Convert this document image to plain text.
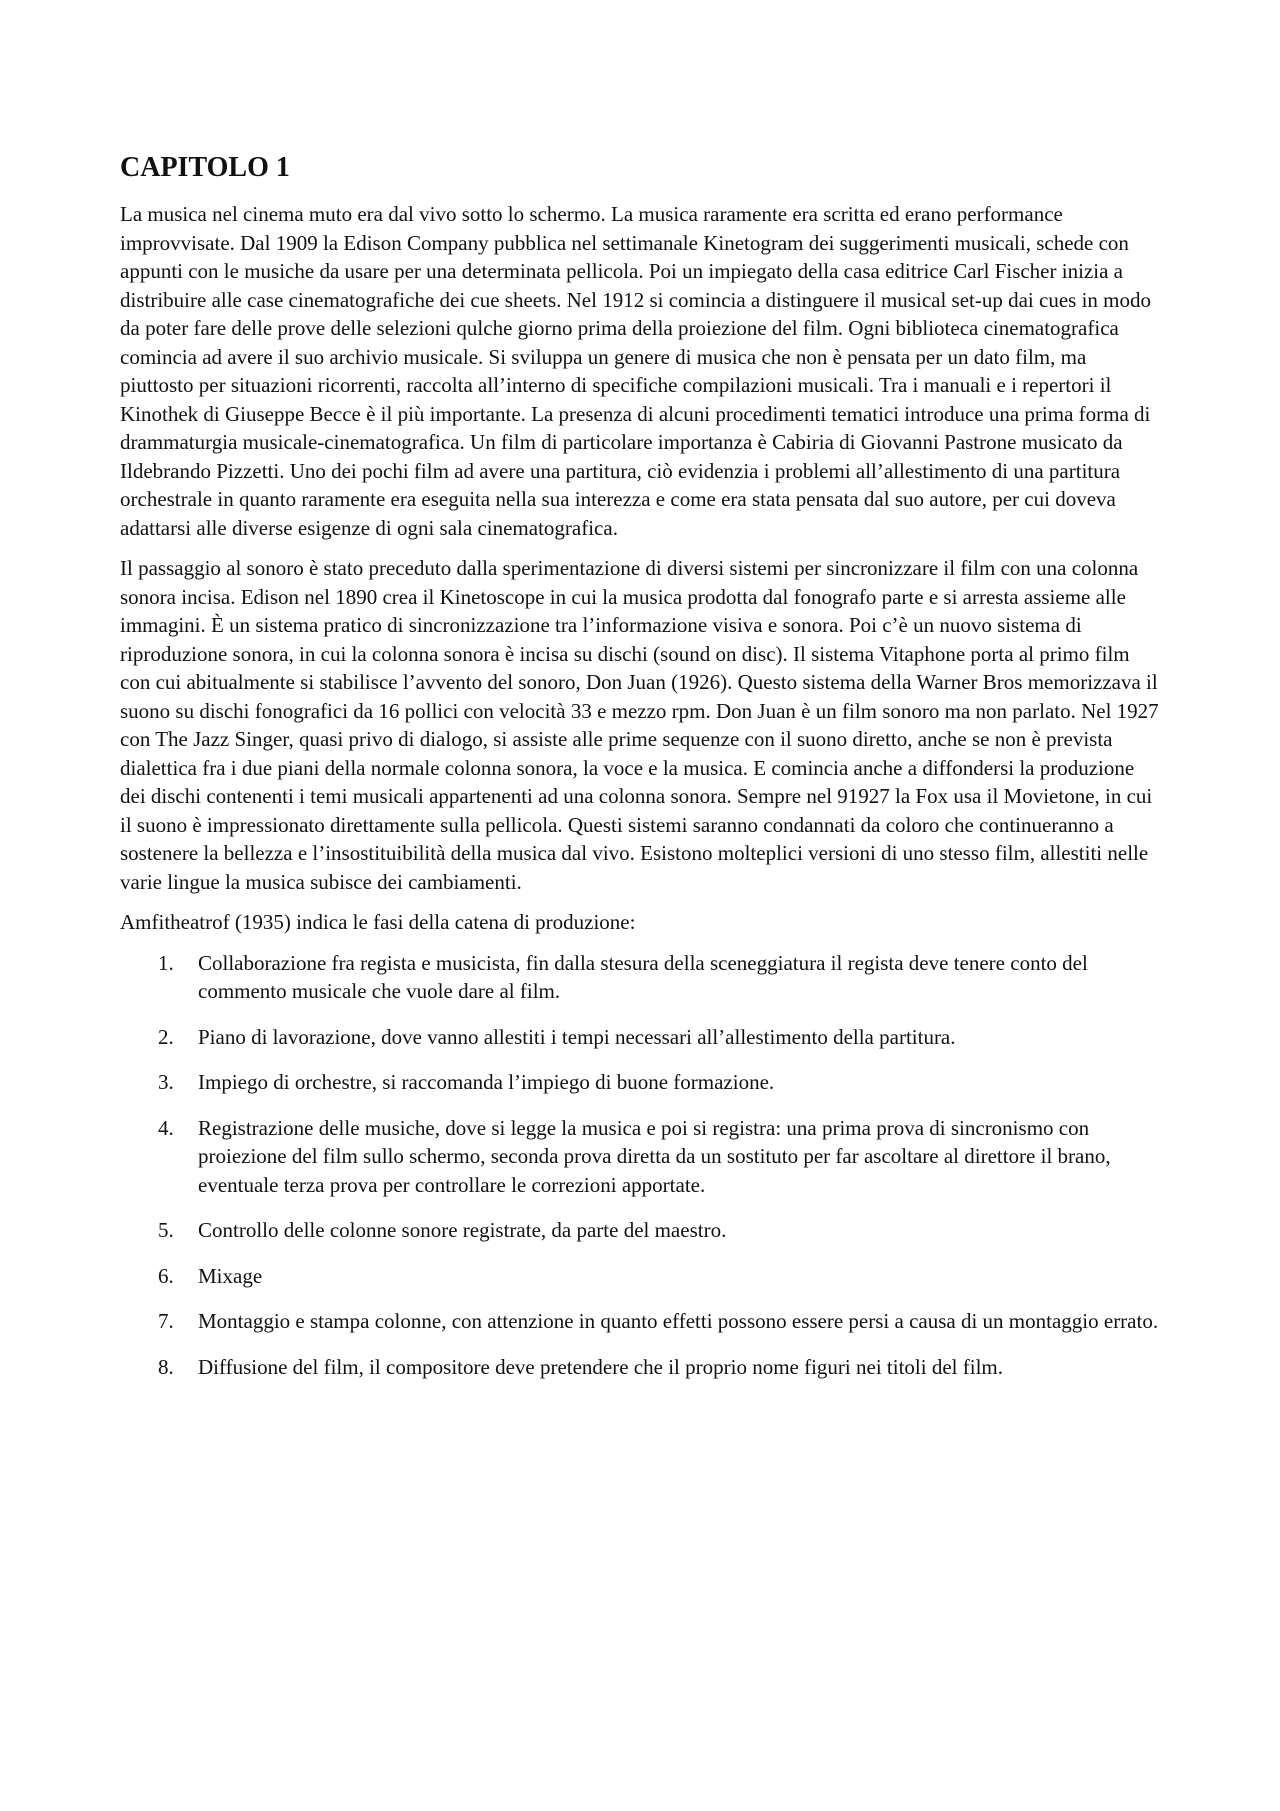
CAPITOLO 1

La musica nel cinema muto era dal vivo sotto lo schermo. La musica raramente era scritta ed erano performance improvvisate. Dal 1909 la Edison Company pubblica nel settimanale Kinetogram dei suggerimenti musicali, schede con appunti con le musiche da usare per una determinata pellicola. Poi un impiegato della casa editrice Carl Fischer inizia a distribuire alle case cinematografiche dei cue sheets. Nel 1912 si comincia a distinguere il musical set-up dai cues in modo da poter fare delle prove delle selezioni qulche giorno prima della proiezione del film. Ogni biblioteca cinematografica comincia ad avere il suo archivio musicale. Si sviluppa un genere di musica che non è pensata per un dato film, ma piuttosto per situazioni ricorrenti, raccolta all’interno di specifiche compilazioni musicali. Tra i manuali e i repertori il Kinothek di Giuseppe Becce è il più importante. La presenza di alcuni procedimenti tematici introduce una prima forma di drammaturgia musicale-cinematografica. Un film di particolare importanza è Cabiria di Giovanni Pastrone musicato da Ildebrando Pizzetti. Uno dei pochi film ad avere una partitura, ciò evidenzia i problemi all’allestimento di una partitura orchestrale in quanto raramente era eseguita nella sua interezza e come era stata pensata dal suo autore, per cui doveva adattarsi alle diverse esigenze di ogni sala cinematografica.

Il passaggio al sonoro è stato preceduto dalla sperimentazione di diversi sistemi per sincronizzare il film con una colonna sonora incisa. Edison nel 1890 crea il Kinetoscope in cui la musica prodotta dal fonografo parte e si arresta assieme alle immagini. È un sistema pratico di sincronizzazione tra l’informazione visiva e sonora. Poi c’è un nuovo sistema di riproduzione sonora, in cui la colonna sonora è incisa su dischi (sound on disc). Il sistema Vitaphone porta al primo film con cui abitualmente si stabilisce l’avvento del sonoro, Don Juan (1926). Questo sistema della Warner Bros memorizzava il suono su dischi fonografici da 16 pollici con velocità 33 e mezzo rpm. Don Juan è un film sonoro ma non parlato. Nel 1927 con The Jazz Singer, quasi privo di dialogo, si assiste alle prime sequenze con il suono diretto, anche se non è prevista dialettica fra i due piani della normale colonna sonora, la voce e la musica. E comincia anche a diffondersi la produzione dei dischi contenenti i temi musicali appartenenti ad una colonna sonora. Sempre nel 91927 la Fox usa il Movietone, in cui il suono è impressionato direttamente sulla pellicola. Questi sistemi saranno condannati da coloro che continueranno a sostenere la bellezza e l’insostituibilità della musica dal vivo. Esistono molteplici versioni di uno stesso film, allestiti nelle varie lingue la musica subisce dei cambiamenti.

Amfitheatrof (1935) indica le fasi della catena di produzione:

1.	Collaborazione fra regista e musicista, fin dalla stesura della sceneggiatura il regista deve tenere conto del commento musicale che vuole dare al film.
2.	Piano di lavorazione, dove vanno allestiti i tempi necessari all’allestimento della partitura.
3.	Impiego di orchestre, si raccomanda l’impiego di buone formazione.
4.	Registrazione delle musiche, dove si legge la musica e poi si registra: una prima prova di sincronismo con proiezione del film sullo schermo, seconda prova diretta da un sostituto per far ascoltare al direttore il brano, eventuale terza prova per controllare le correzioni apportate.
5.	Controllo delle colonne sonore registrate, da parte del maestro.
6.	Mixage
7.	Montaggio e stampa colonne, con attenzione in quanto effetti possono essere persi a causa di un montaggio errato.
8.	Diffusione del film, il compositore deve pretendere che il proprio nome figuri nei titoli del film.
